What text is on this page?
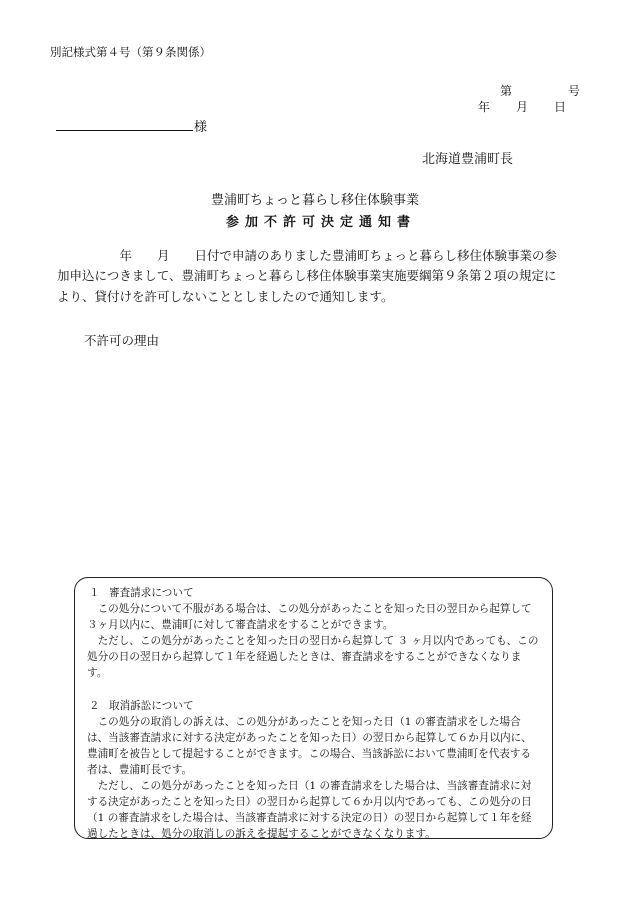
別記様式第４号（第９条関係）
第	号
年 月 日
様
北海道豊浦町長
豊浦町ちょっと暮らし移住体験事業
参加不許可決定通知書

　　　　　年　　月　　日付で申請のありました豊浦町ちょっと暮らし移住体験事業の参

加申込につきまして、豊浦町ちょっと暮らし移住体験事業実施要綱第９条第２項の規定に

より、貸付けを許可しないこととしましたので通知します。

不許可の理由

１ 審査請求について

この処分について不服がある場合は、この処分があったことを知った日の翌日から起算して３ヶ月以内に、豊浦町に対して審査請求をすることができます。

ただし、この処分があったことを知った日の翌日から起算して ３ ヶ月以内であっても、この処分の日の翌日から起算して１年を経過したときは、審査請求をすることができなくなります。

２ 取消訴訟について

この処分の取消しの訴えは、この処分があったことを知った日（1 の審査請求をした場合は、当該審査請求に対する決定があったことを知った日）の翌日から起算して６か月以内に、豊浦町を被告として提起することができます。この場合、当該訴訟において豊浦町を代表する者は、豊浦町長です。

ただし、この処分があったことを知った日（1 の審査請求をした場合は、当該審査請求に対する決定があったことを知った日）の翌日から起算して６か月以内であっても、この処分の日（1 の審査請求をした場合は、当該審査請求に対する決定の日）の翌日から起算して１年を経過したときは、処分の取消しの訴えを提起することができなくなります。
